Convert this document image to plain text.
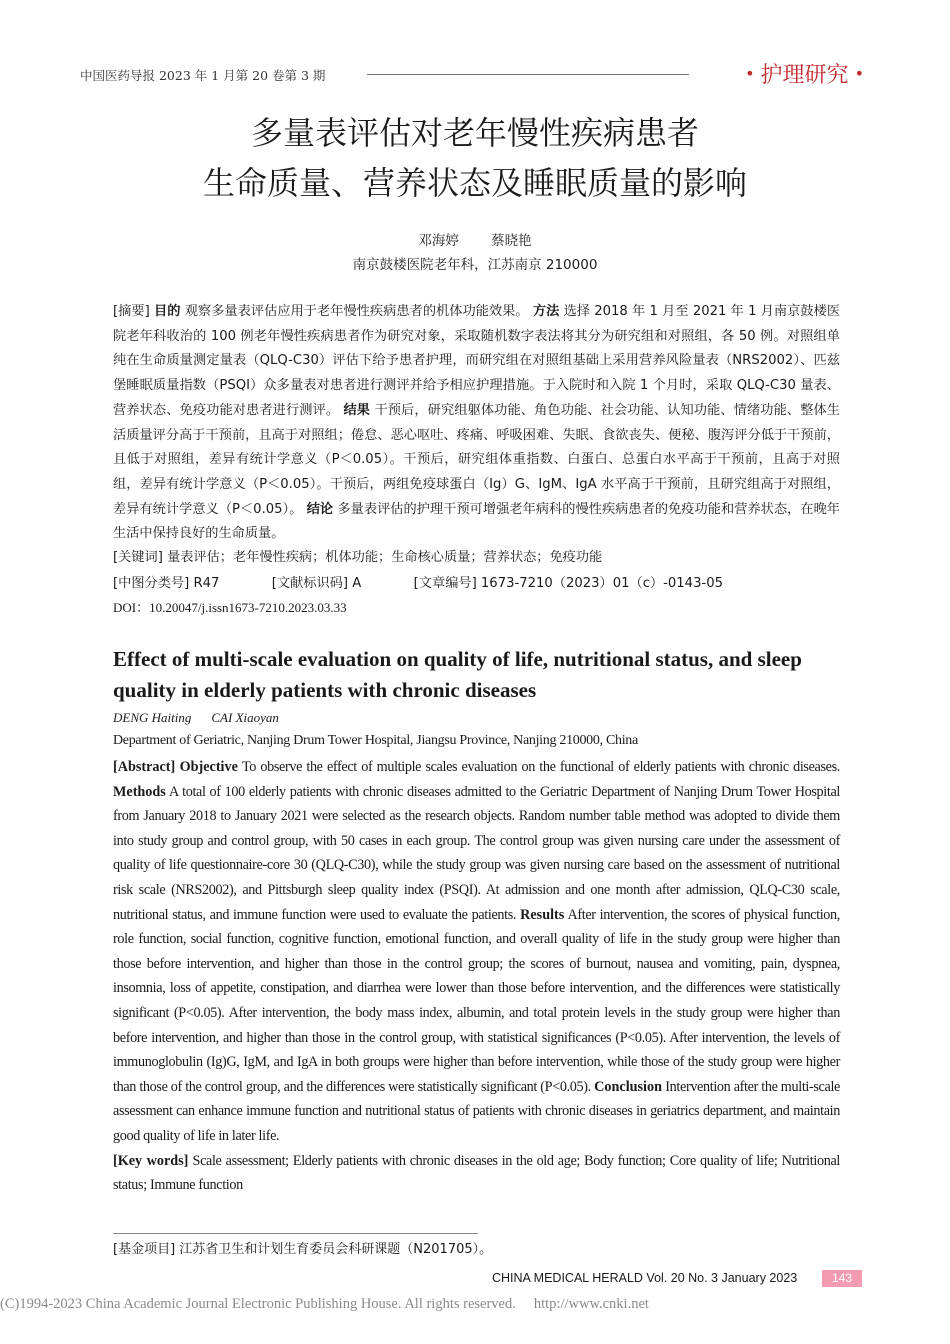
中国医药导报 2023 年 1 月第 20 卷第 3 期	• 护理研究 •
多量表评估对老年慢性疾病患者
生命质量、营养状态及睡眠质量的影响
邓海婷 蔡晓艳
南京鼓楼医院老年科，江苏南京 210000
[摘要] 目的 观察多量表评估应用于老年慢性疾病患者的机体功能效果。 方法 选择 2018 年 1 月至 2021 年 1 月南京鼓楼医院老年科收治的 100 例老年慢性疾病患者作为研究对象，采取随机数字表法将其分为研究组和对照组，各 50 例。对照组单纯在生命质量测定量表（QLQ-C30）评估下给予患者护理，而研究组在对照组基础上采用营养风险量表（NRS2002）、匹兹堡睡眠质量指数（PSQI）众多量表对患者进行测评并给予相应护理措施。于入院时和入院 1 个月时，采取 QLQ-C30 量表、营养状态、免疫功能对患者进行测评。 结果 干预后，研究组躯体功能、角色功能、社会功能、认知功能、情绪功能、整体生活质量评分高于干预前，且高于对照组；倦怠、恶心呕吐、疼痛、呼吸困难、失眠、食欲丧失、便秘、腹泻评分低于干预前，且低于对照组，差异有统计学意义（P＜0.05）。干预后，研究组体重指数、白蛋白、总蛋白水平高于干预前，且高于对照组，差异有统计学意义（P＜0.05）。干预后，两组免疫球蛋白（Ig）G、IgM、IgA 水平高于干预前，且研究组高于对照组，差异有统计学意义（P＜0.05）。 结论 多量表评估的护理干预可增强老年病科的慢性疾病患者的免疫功能和营养状态，在晚年生活中保持良好的生命质量。
[关键词] 量表评估；老年慢性疾病；机体功能；生命核心质量；营养状态；免疫功能
[中图分类号] R47	[文献标识码] A	[文章编号] 1673-7210（2023）01（c）-0143-05
DOI：10.20047/j.issn1673-7210.2023.03.33
Effect of multi-scale evaluation on quality of life, nutritional status, and sleep quality in elderly patients with chronic diseases
DENG Haiting CAI Xiaoyan
Department of Geriatric, Nanjing Drum Tower Hospital, Jiangsu Province, Nanjing 210000, China
[Abstract] Objective To observe the effect of multiple scales evaluation on the functional of elderly patients with chronic diseases. Methods A total of 100 elderly patients with chronic diseases admitted to the Geriatric Department of Nanjing Drum Tower Hospital from January 2018 to January 2021 were selected as the research objects. Random number table method was adopted to divide them into study group and control group, with 50 cases in each group. The control group was given nursing care under the assessment of quality of life questionnaire-core 30 (QLQ-C30), while the study group was given nursing care based on the assessment of nutritional risk scale (NRS2002), and Pittsburgh sleep quality index (PSQI). At admission and one month after admission, QLQ-C30 scale, nutritional status, and immune function were used to evaluate the patients. Results After intervention, the scores of physical function, role function, social function, cognitive function, emotional function, and overall quality of life in the study group were higher than those before intervention, and higher than those in the control group; the scores of burnout, nausea and vomiting, pain, dyspnea, insomnia, loss of appetite, constipation, and diarrhea were lower than those before intervention, and the differences were statistically significant (P<0.05). After intervention, the body mass index, albumin, and total protein levels in the study group were higher than before intervention, and higher than those in the control group, with statistical significances (P<0.05). After intervention, the levels of immunoglobulin (Ig)G, IgM, and IgA in both groups were higher than before intervention, while those of the study group were higher than those of the control group, and the differences were statistically significant (P<0.05). Conclusion Intervention after the multi-scale assessment can enhance immune function and nutritional status of patients with chronic diseases in geriatrics department, and maintain good quality of life in later life.
[Key words] Scale assessment; Elderly patients with chronic diseases in the old age; Body function; Core quality of life; Nutritional status; Immune function
[基金项目] 江苏省卫生和计划生育委员会科研课题（N201705）。
CHINA MEDICAL HERALD Vol. 20 No. 3 January 2023	143
(C)1994-2023 China Academic Journal Electronic Publishing House. All rights reserved. http://www.cnki.net
